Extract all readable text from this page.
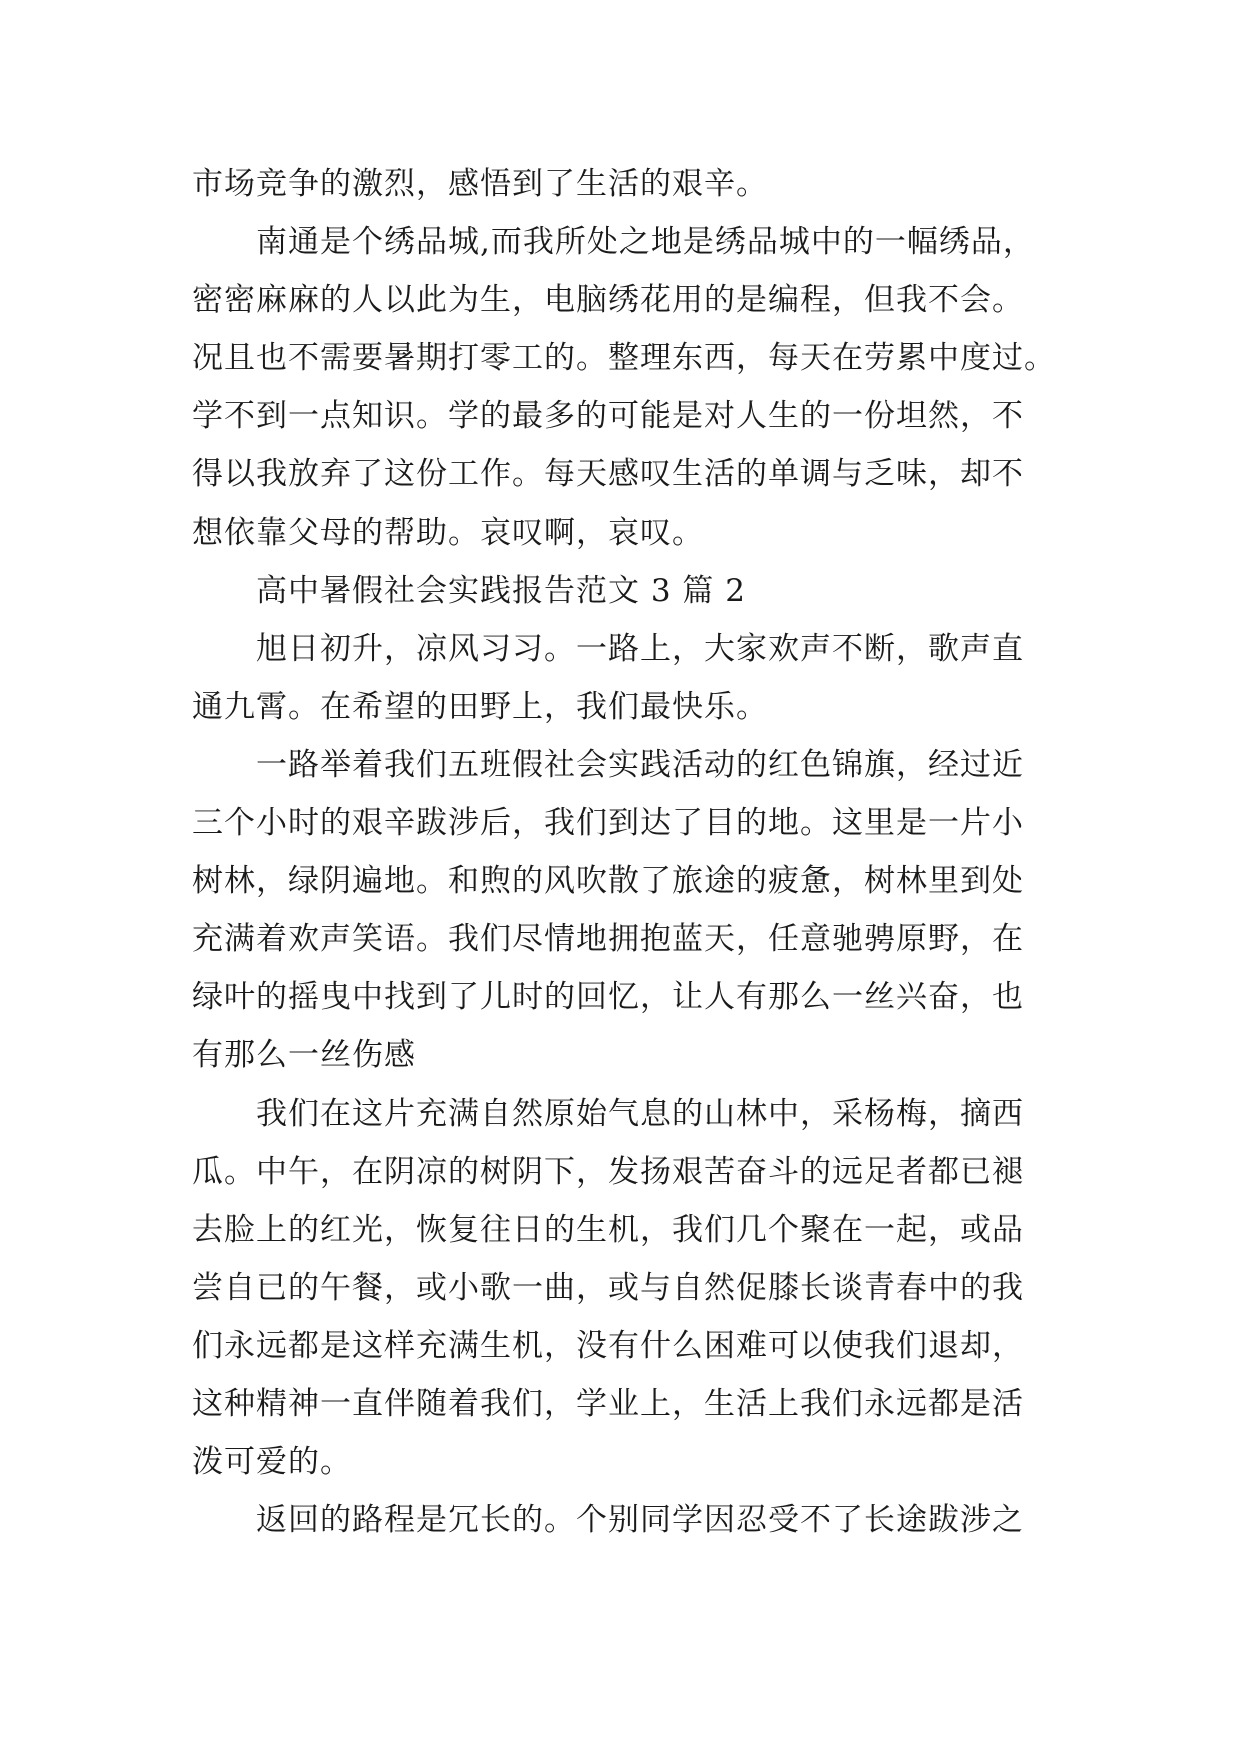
市场竞争的激烈，感悟到了生活的艰辛。
南通是个绣品城,而我所处之地是绣品城中的一幅绣品，
密密麻麻的人以此为生，电脑绣花用的是编程，但我不会。
况且也不需要暑期打零工的。整理东西，每天在劳累中度过。
学不到一点知识。学的最多的可能是对人生的一份坦然，不
得以我放弃了这份工作。每天感叹生活的单调与乏味，却不
想依靠父母的帮助。哀叹啊，哀叹。
高中暑假社会实践报告范文 3 篇 2
旭日初升，凉风习习。一路上，大家欢声不断，歌声直
通九霄。在希望的田野上，我们最快乐。
一路举着我们五班假社会实践活动的红色锦旗，经过近
三个小时的艰辛跋涉后，我们到达了目的地。这里是一片小
树林，绿阴遍地。和煦的风吹散了旅途的疲惫，树林里到处
充满着欢声笑语。我们尽情地拥抱蓝天，任意驰骋原野，在
绿叶的摇曳中找到了儿时的回忆，让人有那么一丝兴奋，也
有那么一丝伤感
我们在这片充满自然原始气息的山林中，采杨梅，摘西
瓜。中午，在阴凉的树阴下，发扬艰苦奋斗的远足者都已褪
去脸上的红光，恢复往日的生机，我们几个聚在一起，或品
尝自已的午餐，或小歌一曲，或与自然促膝长谈青春中的我
们永远都是这样充满生机，没有什么困难可以使我们退却，
这种精神一直伴随着我们，学业上，生活上我们永远都是活
泼可爱的。
返回的路程是冗长的。个别同学因忍受不了长途跋涉之
